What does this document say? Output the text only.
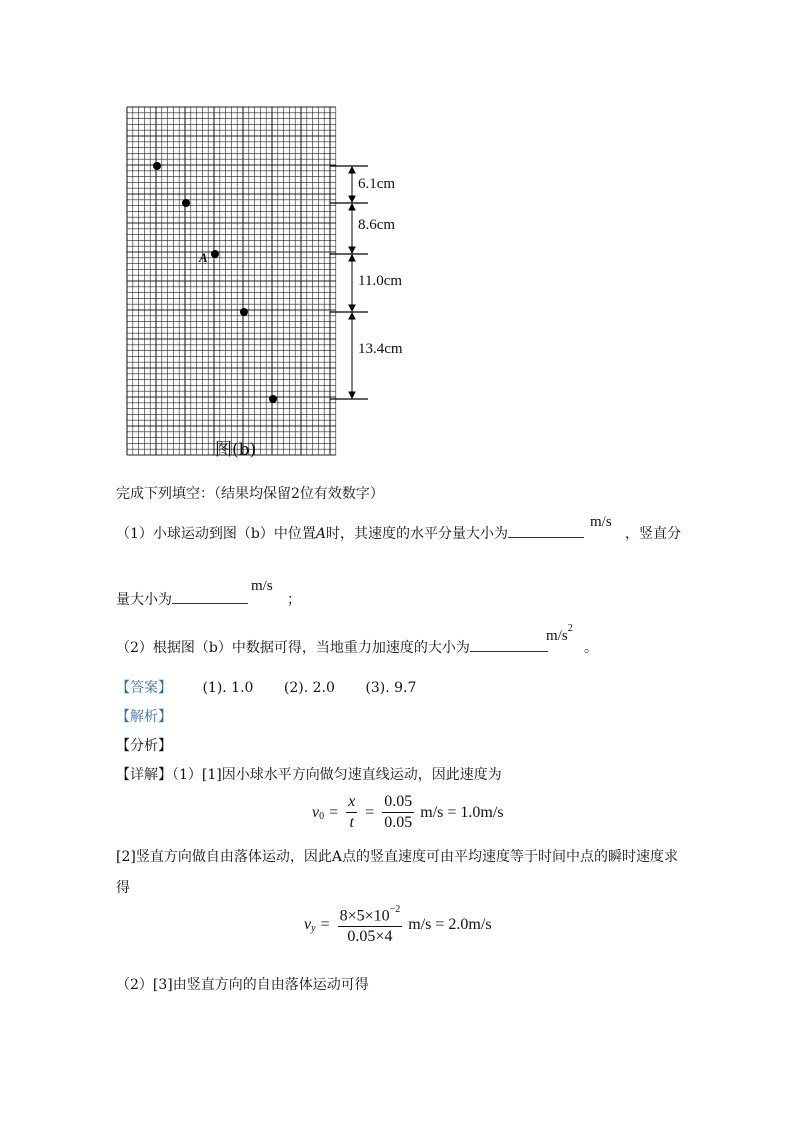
6.1cm
8.6cm
11.0cm
13.4cm
A
图(b)
完成下列填空：（结果均保留2位有效数字）
（1）小球运动到图（b）中位置A时，其速度的水平分量大小为
m/s
，竖直分
量大小为
m/s
；
（2）根据图（b）中数据可得，当地重力加速度的大小为
$m/s^2$
。
【答案】 (1). 1.0 (2). 2.0 (3). 9.7
【解析】
【分析】
【详解】（1）[1]因小球水平方向做匀速直线运动，因此速度为
$v_0 = \frac{x}{t} = \frac{0.05}{0.05} m/s = 1.0m/s$
[2]竖直方向做自由落体运动，因此A点的竖直速度可由平均速度等于时间中点的瞬时速度求
得
$v_y = \frac{8\times 5\times 10^{-2}}{0.05\times 4} m/s = 2.0m/s$
（2）[3]由竖直方向的自由落体运动可得
